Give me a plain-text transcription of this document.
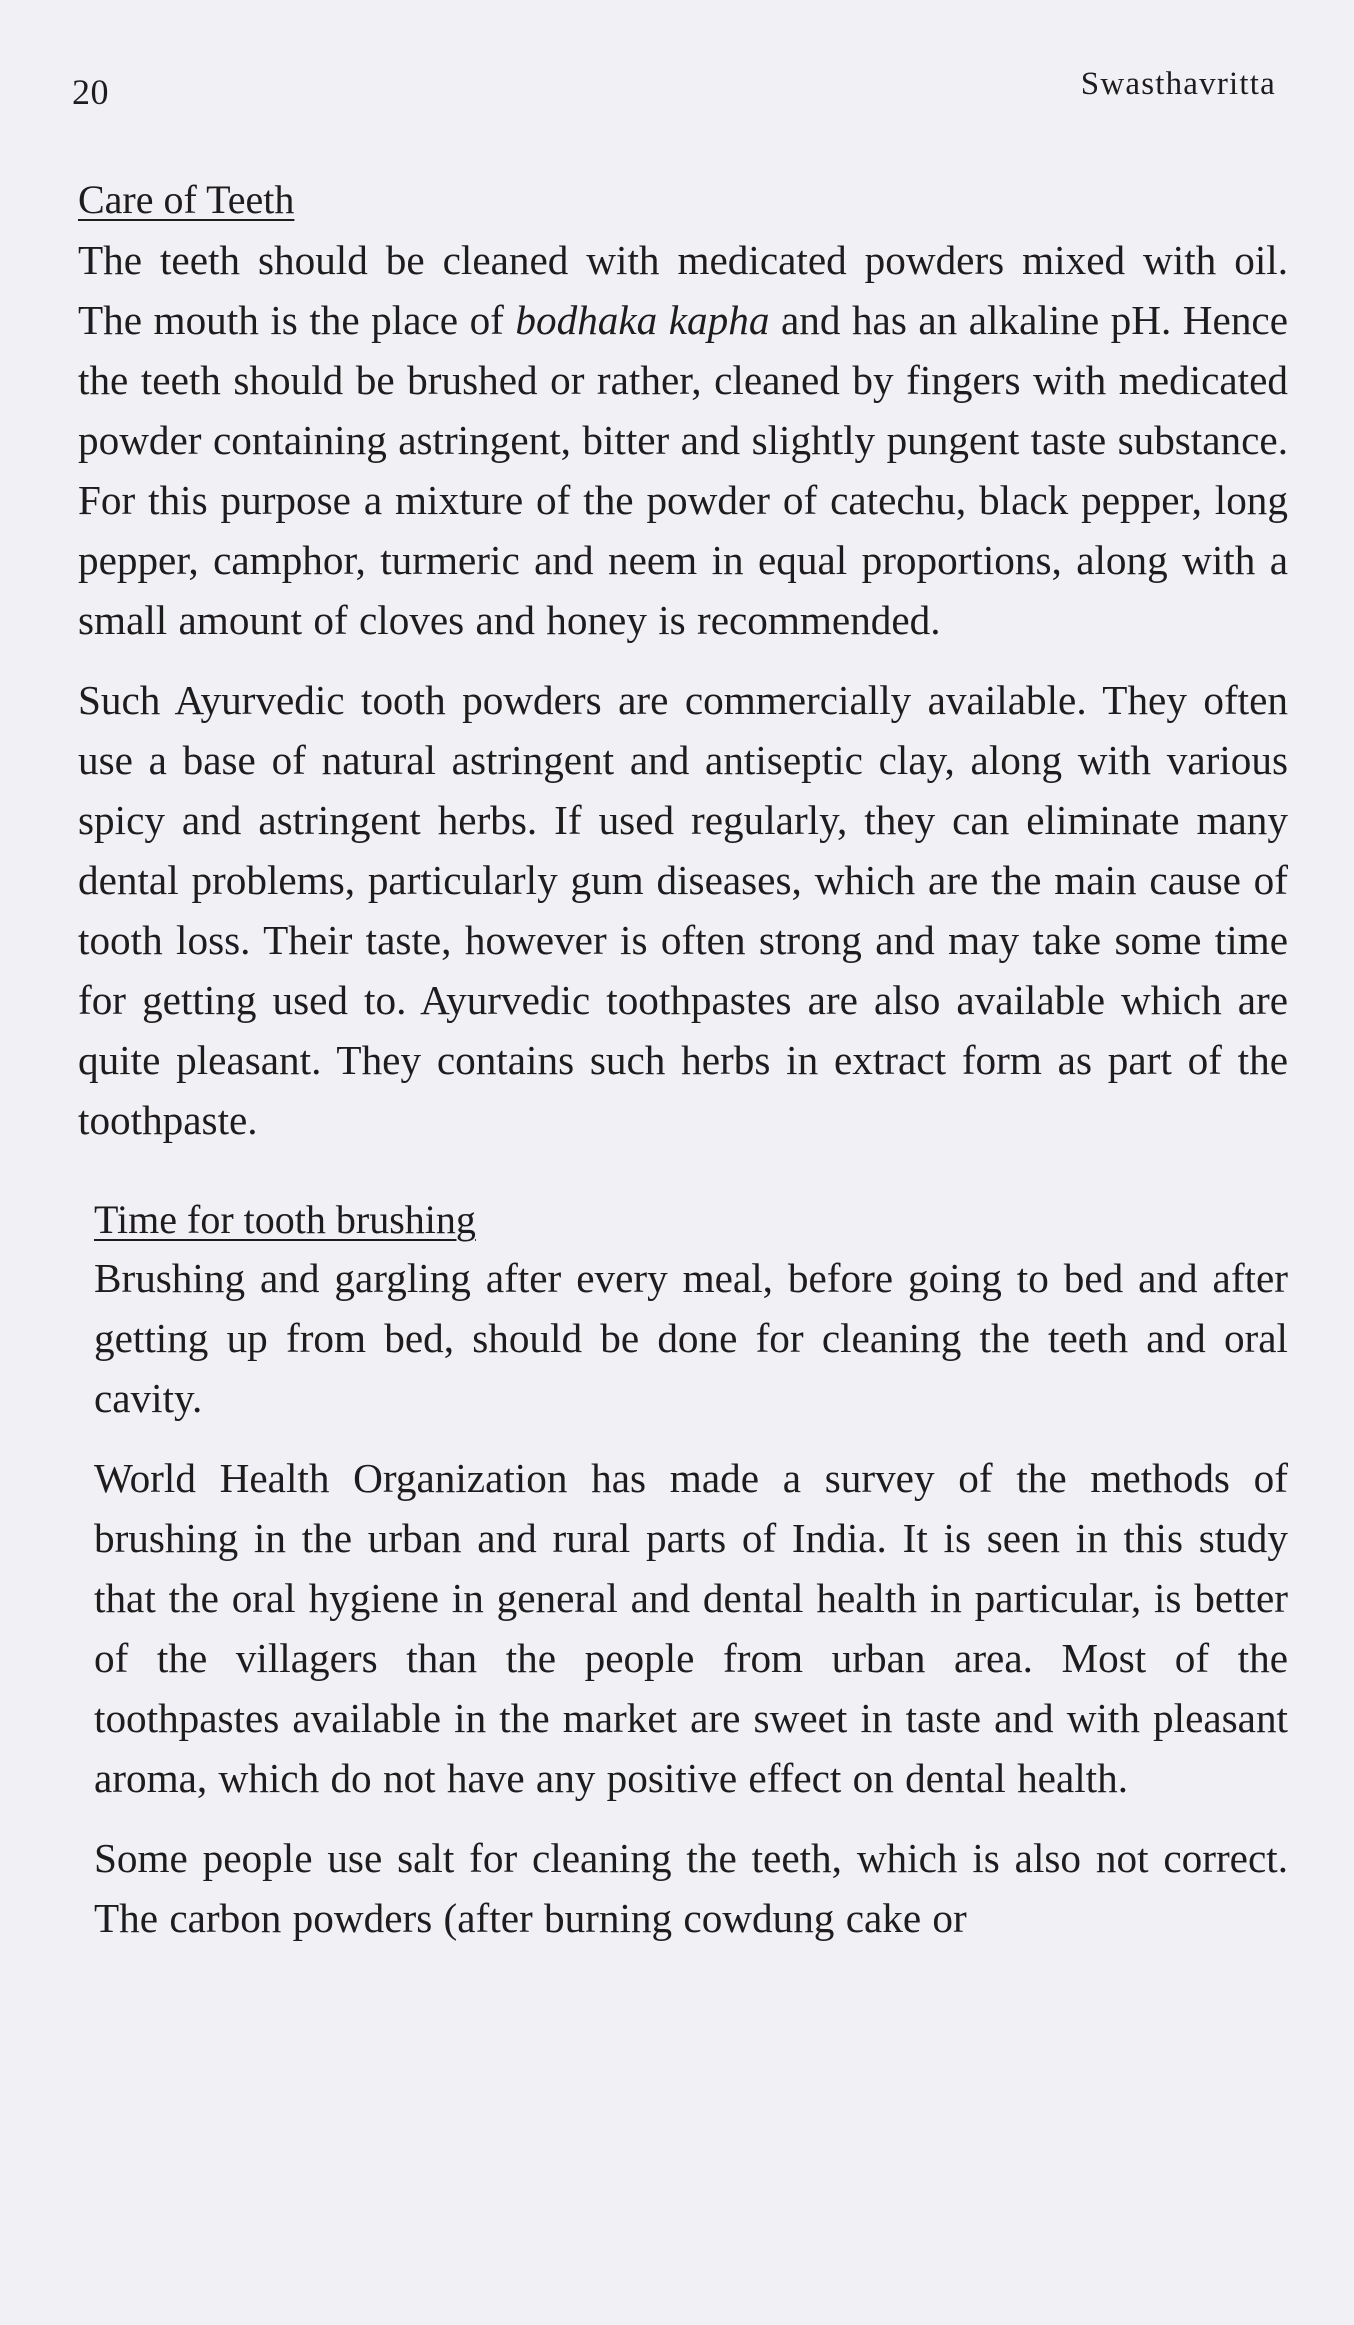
20	Swasthavritta
Care of Teeth

The teeth should be cleaned with medicated powders mixed with oil. The mouth is the place of bodhaka kapha and has an alkaline pH. Hence the teeth should be brushed or rather, cleaned by fingers with medicated powder containing astringent, bitter and slightly pungent taste substance. For this purpose a mixture of the powder of catechu, black pepper, long pepper, camphor, turmeric and neem in equal proportions, along with a small amount of cloves and honey is recommended.

Such Ayurvedic tooth powders are commercially available. They often use a base of natural astringent and antiseptic clay, along with various spicy and astringent herbs. If used regularly, they can eliminate many dental problems, particularly gum diseases, which are the main cause of tooth loss. Their taste, however is often strong and may take some time for getting used to. Ayurvedic toothpastes are also available which are quite pleasant. They contains such herbs in extract form as part of the toothpaste.

Time for tooth brushing

Brushing and gargling after every meal, before going to bed and after getting up from bed, should be done for cleaning the teeth and oral cavity.

World Health Organization has made a survey of the methods of brushing in the urban and rural parts of India. It is seen in this study that the oral hygiene in general and dental health in particular, is better of the villagers than the people from urban area. Most of the toothpastes available in the market are sweet in taste and with pleasant aroma, which do not have any positive effect on dental health.

Some people use salt for cleaning the teeth, which is also not correct. The carbon powders (after burning cowdung cake or
